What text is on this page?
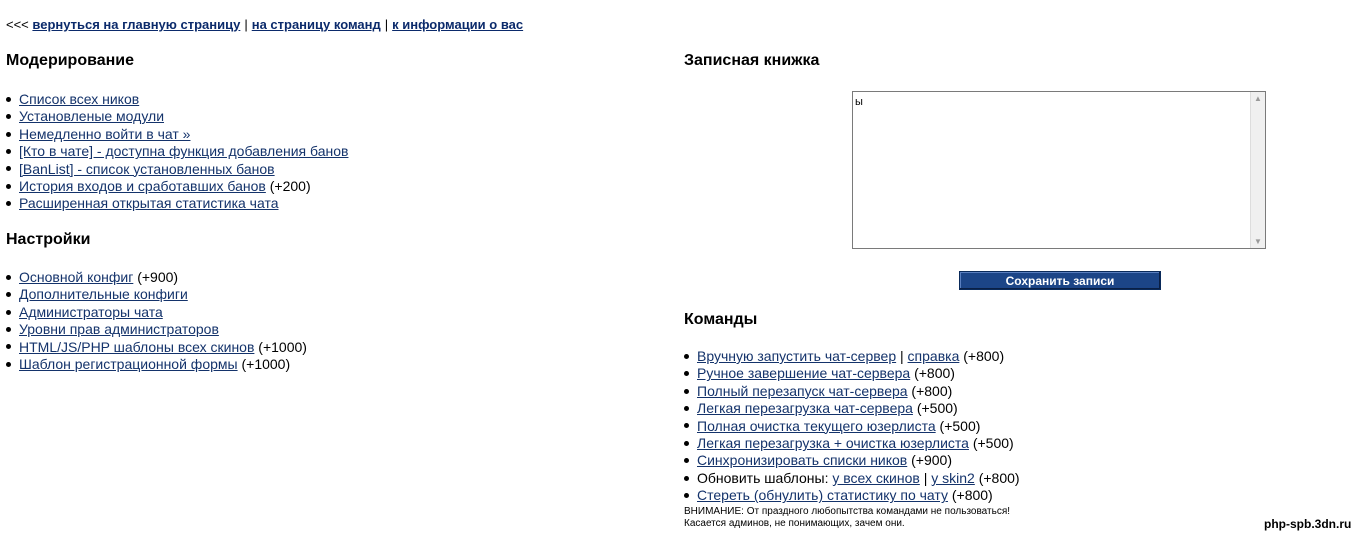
<<< вернуться на главную страницу | на страницу команд | к информации о вас
Модерирование
Список всех ников
Установленые модули
Немедленно войти в чат »
[Кто в чате] - доступна функция добавления банов
[BanList] - список установленных банов
История входов и сработавших банов (+200)
Расширенная открытая статистика чата
Настройки
Основной конфиг (+900)
Дополнительные конфиги
Администраторы чата
Уровни прав администраторов
HTML/JS/PHP шаблоны всех скинов (+1000)
Шаблон регистрационной формы (+1000)
Записная книжка
ы
▲
▼
Сохранить записи
Команды
Вручную запустить чат-сервер | справка (+800)
Ручное завершение чат-сервера (+800)
Полный перезапуск чат-сервера (+800)
Легкая перезагрузка чат-сервера (+500)
Полная очистка текущего юзерлиста (+500)
Легкая перезагрузка + очистка юзерлиста (+500)
Синхронизировать списки ников (+900)
Обновить шаблоны: у всех скинов | у skin2 (+800)
Стереть (обнулить) статистику по чату (+800)
ВНИМАНИЕ: От праздного любопытства командами не пользоваться!
Касается админов, не понимающих, зачем они.	php-spb.3dn.ru
